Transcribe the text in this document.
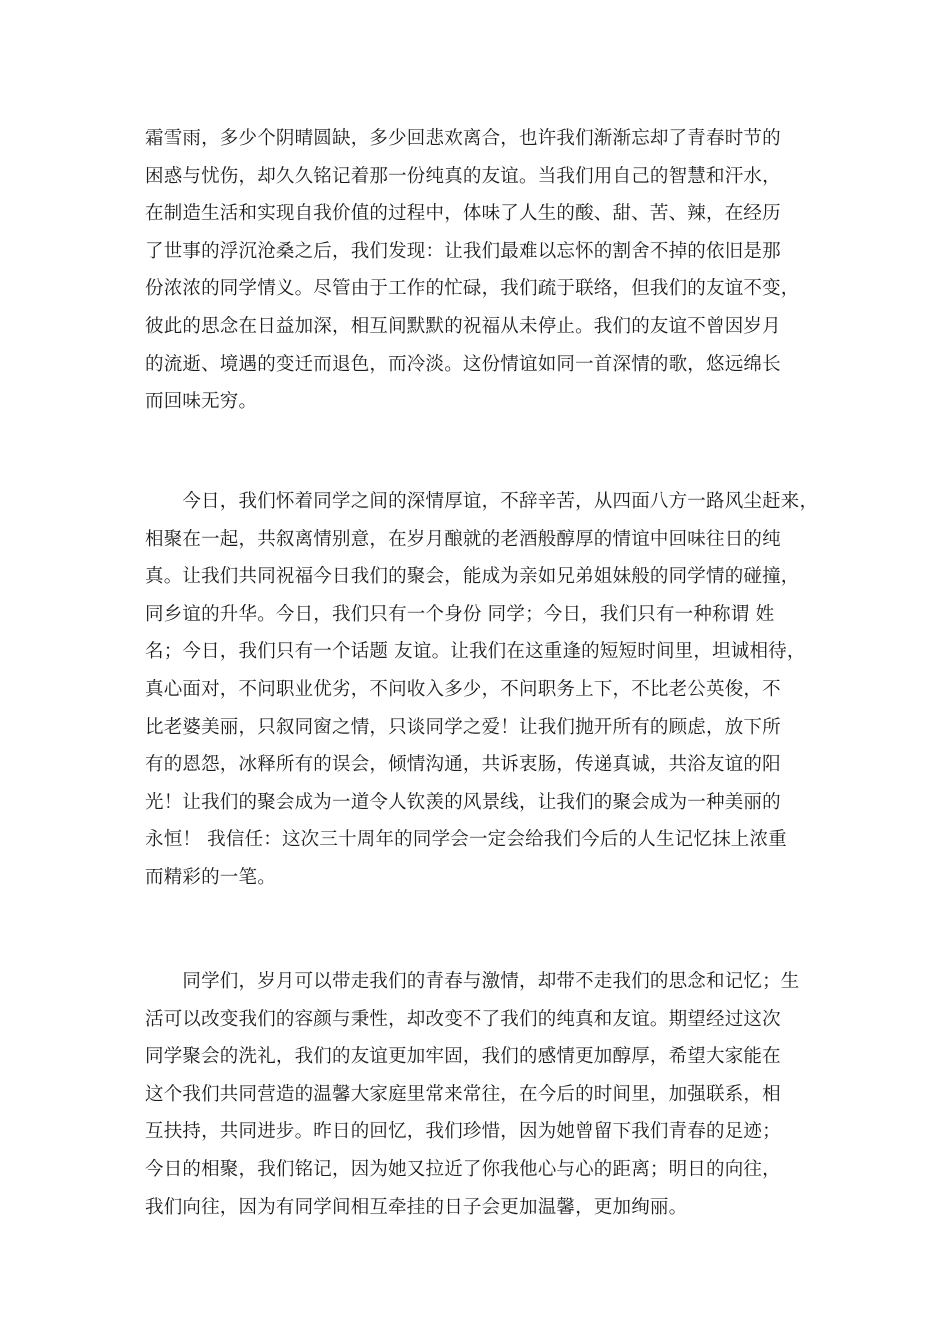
霜雪雨，多少个阴晴圆缺，多少回悲欢离合，也许我们渐渐忘却了青春时节的
困惑与忧伤，却久久铭记着那一份纯真的友谊。当我们用自己的智慧和汗水，
在制造生活和实现自我价值的过程中，体味了人生的酸、甜、苦、辣，在经历
了世事的浮沉沧桑之后，我们发现：让我们最难以忘怀的割舍不掉的依旧是那
份浓浓的同学情义。尽管由于工作的忙碌，我们疏于联络，但我们的友谊不变，
彼此的思念在日益加深，相互间默默的祝福从未停止。我们的友谊不曾因岁月
的流逝、境遇的变迁而退色，而冷淡。这份情谊如同一首深情的歌，悠远绵长
而回味无穷。
　　今日，我们怀着同学之间的深情厚谊，不辞辛苦，从四面八方一路风尘赶来，
相聚在一起，共叙离情别意，在岁月酿就的老酒般醇厚的情谊中回味往日的纯
真。让我们共同祝福今日我们的聚会，能成为亲如兄弟姐妹般的同学情的碰撞，
同乡谊的升华。今日，我们只有一个身份 同学；今日，我们只有一种称谓 姓
名；今日，我们只有一个话题 友谊。让我们在这重逢的短短时间里，坦诚相待，
真心面对，不问职业优劣，不问收入多少，不问职务上下，不比老公英俊，不
比老婆美丽，只叙同窗之情，只谈同学之爱！让我们抛开所有的顾虑，放下所
有的恩怨，冰释所有的误会，倾情沟通，共诉衷肠，传递真诚，共浴友谊的阳
光！让我们的聚会成为一道令人钦羡的风景线，让我们的聚会成为一种美丽的
永恒！ 我信任：这次三十周年的同学会一定会给我们今后的人生记忆抹上浓重
而精彩的一笔。
　　同学们，岁月可以带走我们的青春与激情，却带不走我们的思念和记忆；生
活可以改变我们的容颜与秉性，却改变不了我们的纯真和友谊。期望经过这次
同学聚会的洗礼，我们的友谊更加牢固，我们的感情更加醇厚，希望大家能在
这个我们共同营造的温馨大家庭里常来常往，在今后的时间里，加强联系，相
互扶持，共同进步。昨日的回忆，我们珍惜，因为她曾留下我们青春的足迹；
今日的相聚，我们铭记，因为她又拉近了你我他心与心的距离；明日的向往，
我们向往，因为有同学间相互牵挂的日子会更加温馨，更加绚丽。
